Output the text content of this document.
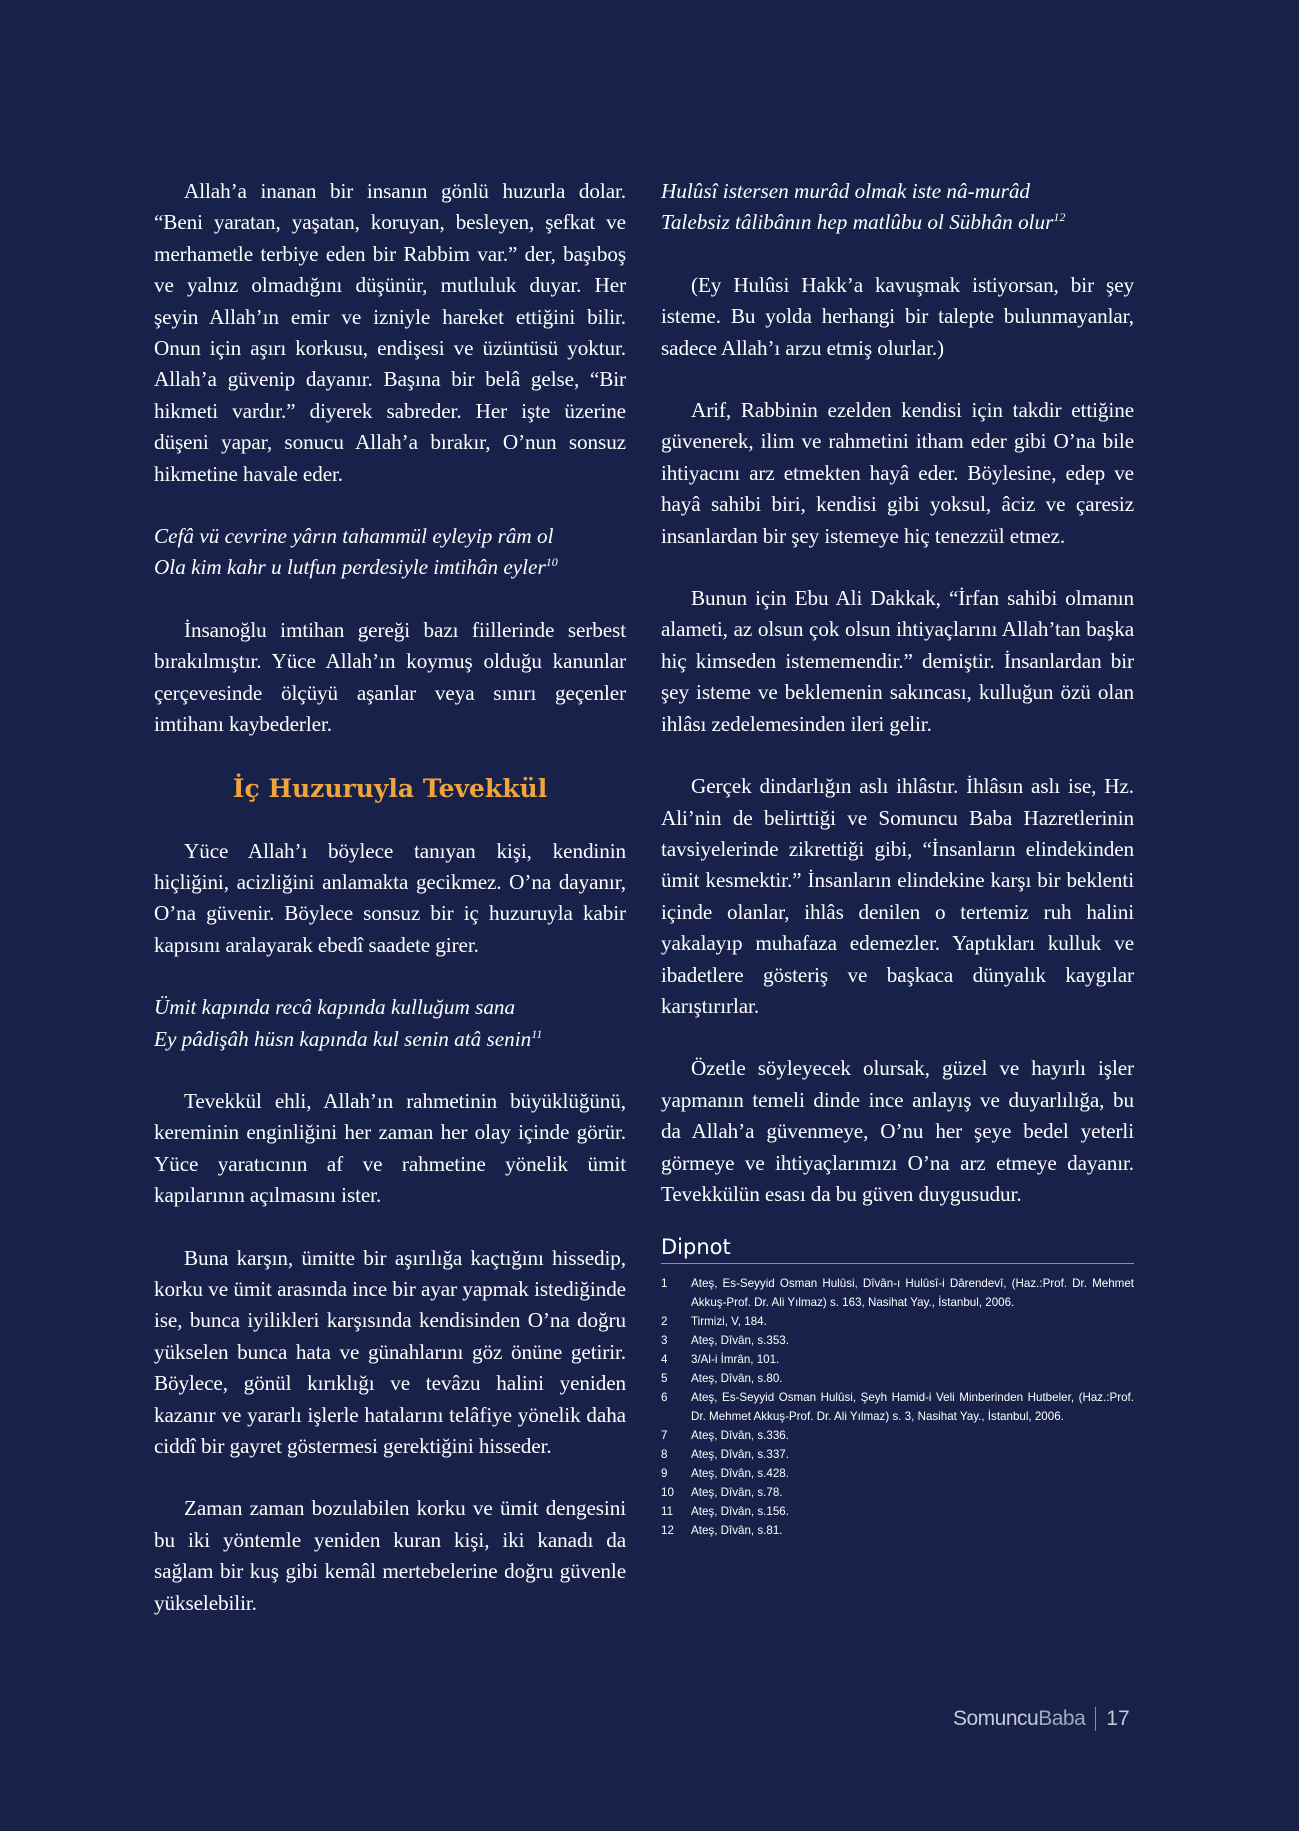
Allah’a inanan bir insanın gönlü huzurla dolar. “Beni yaratan, yaşatan, koruyan, besleyen, şefkat ve merhametle terbiye eden bir Rabbim var.” der, başıboş ve yalnız olmadığını düşünür, mutluluk duyar. Her şeyin Allah’ın emir ve izniyle hareket ettiğini bilir. Onun için aşırı korkusu, endişesi ve üzüntüsü yoktur. Allah’a güvenip dayanır. Başına bir belâ gelse, “Bir hikmeti vardır.” diyerek sabreder. Her işte üzerine düşeni yapar, sonucu Allah’a bırakır, O’nun sonsuz hikmetine havale eder.

Cefâ vü cevrine yârın tahammül eyleyip râm ol
Ola kim kahr u lutfun perdesiyle imtihân eyler$^{10}$

İnsanoğlu imtihan gereği bazı fiillerinde serbest bırakılmıştır. Yüce Allah’ın koymuş olduğu kanunlar çerçevesinde ölçüyü aşanlar veya sınırı geçenler imtihanı kaybederler.

İç Huzuruyla Tevekkül

Yüce Allah’ı böylece tanıyan kişi, kendinin hiçliğini, acizliğini anlamakta gecikmez. O’na dayanır, O’na güvenir. Böylece sonsuz bir iç huzuruyla kabir kapısını aralayarak ebedî saadete girer.

Ümit kapında recâ kapında kulluğum sana
Ey pâdişâh hüsn kapında kul senin atâ senin$^{11}$

Tevekkül ehli, Allah’ın rahmetinin büyüklüğünü, kereminin enginliğini her zaman her olay içinde görür. Yüce yaratıcının af ve rahmetine yönelik ümit kapılarının açılmasını ister.

Buna karşın, ümitte bir aşırılığa kaçtığını hissedip, korku ve ümit arasında ince bir ayar yapmak istediğinde ise, bunca iyilikleri karşısında kendisinden O’na doğru yükselen bunca hata ve günahlarını göz önüne getirir. Böylece, gönül kırıklığı ve tevâzu halini yeniden kazanır ve yararlı işlerle hatalarını telâfiye yönelik daha ciddî bir gayret göstermesi gerektiğini hisseder.

Zaman zaman bozulabilen korku ve ümit dengesini bu iki yöntemle yeniden kuran kişi, iki kanadı da sağlam bir kuş gibi kemâl mertebelerine doğru güvenle yükselebilir.

Hulûsî istersen murâd olmak iste nâ-murâd
Talebsiz tâlibânın hep matlûbu ol Sübhân olur$^{12}$

(Ey Hulûsi Hakk’a kavuşmak istiyorsan, bir şey isteme. Bu yolda herhangi bir talepte bulunmayanlar, sadece Allah’ı arzu etmiş olurlar.)

Arif, Rabbinin ezelden kendisi için takdir ettiğine güvenerek, ilim ve rahmetini itham eder gibi O’na bile ihtiyacını arz etmekten hayâ eder. Böylesine, edep ve hayâ sahibi biri, kendisi gibi yoksul, âciz ve çaresiz insanlardan bir şey istemeye hiç tenezzül etmez.

Bunun için Ebu Ali Dakkak, “İrfan sahibi olmanın alameti, az olsun çok olsun ihtiyaçlarını Allah’tan başka hiç kimseden istememendir.” demiştir. İnsanlardan bir şey isteme ve beklemenin sakıncası, kulluğun özü olan ihlâsı zedelemesinden ileri gelir.

Gerçek dindarlığın aslı ihlâstır. İhlâsın aslı ise, Hz. Ali’nin de belirttiği ve Somuncu Baba Hazretlerinin tavsiyelerinde zikrettiği gibi, “İnsanların elindekinden ümit kesmektir.” İnsanların elindekine karşı bir beklenti içinde olanlar, ihlâs denilen o tertemiz ruh halini yakalayıp muhafaza edemezler. Yaptıkları kulluk ve ibadetlere gösteriş ve başkaca dünyalık kaygılar karıştırırlar.

Özetle söyleyecek olursak, güzel ve hayırlı işler yapmanın temeli dinde ince anlayış ve duyarlılığa, bu da Allah’a güvenmeye, O’nu her şeye bedel yeterli görmeye ve ihtiyaçlarımızı O’na arz etmeye dayanır. Tevekkülün esası da bu güven duygusudur.

Dipnot
1	Ateş, Es-Seyyid Osman Hulûsi, Dîvân-ı Hulûsî-i Dârendevî, (Haz.:Prof. Dr. Mehmet Akkuş-Prof. Dr. Ali Yılmaz) s. 163, Nasihat Yay., İstanbul, 2006.
2	Tirmizi, V, 184.
3	Ateş, Dîvân, s.353.
4	3/Al-i İmrân, 101.
5	Ateş, Dîvân, s.80.
6	Ateş, Es-Seyyid Osman Hulûsi, Şeyh Hamid-i Veli Minberinden Hutbeler, (Haz.:Prof. Dr. Mehmet Akkuş-Prof. Dr. Ali Yılmaz) s. 3, Nasihat Yay., İstanbul, 2006.
7	Ateş, Dîvân, s.336.
8	Ateş, Dîvân, s.337.
9	Ateş, Dîvân, s.428.
10	Ateş, Dîvân, s.78.
11	Ateş, Dîvân, s.156.
12	Ateş, Dîvân, s.81.
Somuncu Baba 17
